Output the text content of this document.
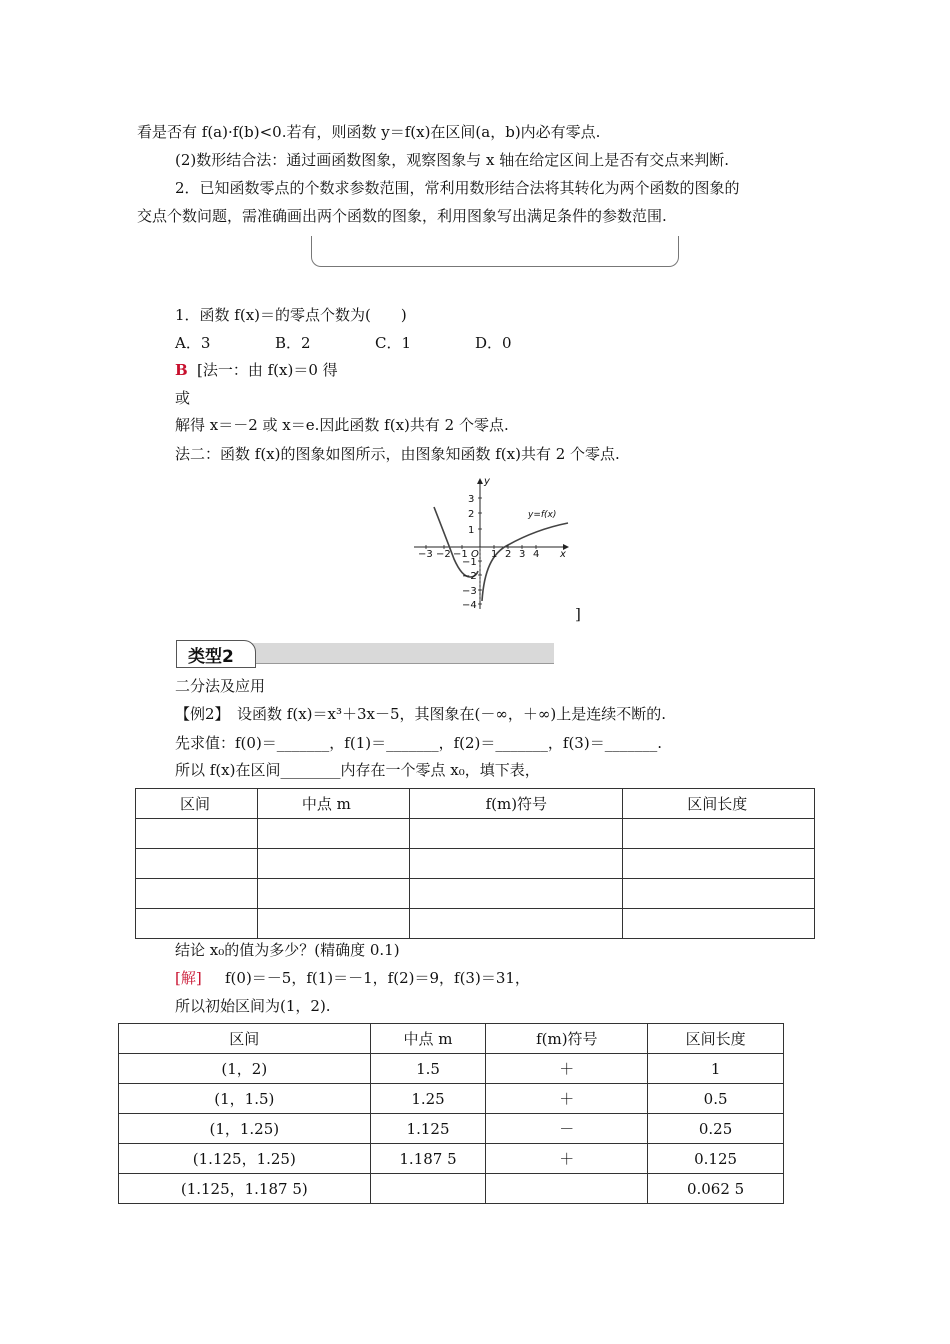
看是否有 f(a)·f(b)<0.若有，则函数 y＝f(x)在区间(a，b)内必有零点.
(2)数形结合法：通过画函数图象，观察图象与 x 轴在给定区间上是否有交点来判断.
2．已知函数零点的个数求参数范围，常利用数形结合法将其转化为两个函数的图象的
交点个数问题，需准确画出两个函数的图象，利用图象写出满足条件的参数范围.
1．函数 f(x)＝的零点个数为(　　)
A．3	B．2	C．1	D．0
B [法一：由 f(x)＝0 得
或
解得 x＝－2 或 x＝e.因此函数 f(x)共有 2 个零点.
法二：函数 f(x)的图象如图所示，由图象知函数 f(x)共有 2 个零点.
y
x
O
y=f(x)
−3 −2 −1 1 2 3 4
3
2
1
−1
−2
−3
−4	]
类型2
二分法及应用
【例2】　设函数 f(x)＝x³＋3x－5，其图象在(－∞，＋∞)上是连续不断的.
先求值：f(0)＝_______，f(1)＝_______，f(2)＝_______，f(3)＝_______.
所以 f(x)在区间________内存在一个零点 x₀，填下表，
区间	中点 m	f(m)符号	区间长度

结论 x₀的值为多少？(精确度 0.1)
[解] f(0)＝－5，f(1)＝－1，f(2)＝9，f(3)＝31，
所以初始区间为(1，2).
区间	中点 m	f(m)符号	区间长度
(1，2)	1.5	＋	1
(1，1.5)	1.25	＋	0.5
(1，1.25)	1.125	－	0.25
(1.125，1.25)	1.187 5	＋	0.125
(1.125，1.187 5)			0.062 5
